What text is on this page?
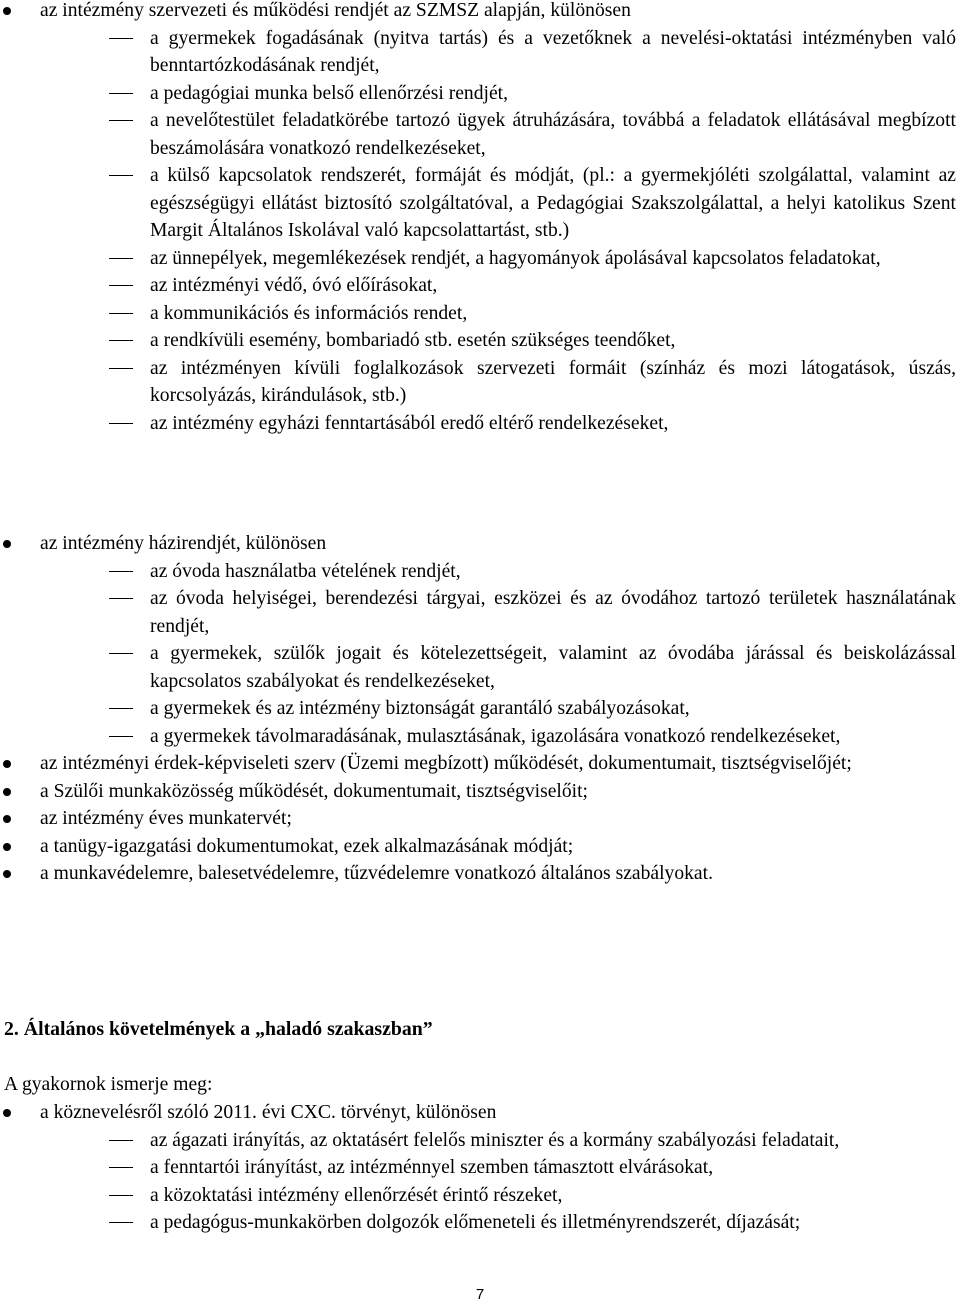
az intézmény szervezeti és működési rendjét az SZMSZ alapján, különösen
a gyermekek fogadásának (nyitva tartás) és a vezetőknek a nevelési-oktatási intézményben való benntartózkodásának rendjét,
a pedagógiai munka belső ellenőrzési rendjét,
a nevelőtestület feladatkörébe tartozó ügyek átruházására, továbbá a feladatok ellátásával megbízott beszámolására vonatkozó rendelkezéseket,
a külső kapcsolatok rendszerét, formáját és módját, (pl.: a gyermekjóléti szolgálattal, valamint az egészségügyi ellátást biztosító szolgáltatóval, a Pedagógiai Szakszolgálattal, a helyi katolikus Szent Margit Általános Iskolával való kapcsolattartást, stb.)
az ünnepélyek, megemlékezések rendjét, a hagyományok ápolásával kapcsolatos feladatokat,
az intézményi védő, óvó előírásokat,
a kommunikációs és információs rendet,
a rendkívüli esemény, bombariadó stb. esetén szükséges teendőket,
az intézményen kívüli foglalkozások szervezeti formáit (színház és mozi látogatások, úszás, korcsolyázás, kirándulások, stb.)
az intézmény egyházi fenntartásából eredő eltérő rendelkezéseket,
az intézmény házirendjét, különösen
az óvoda használatba vételének rendjét,
az óvoda helyiségei, berendezési tárgyai, eszközei és az óvodához tartozó területek használatának rendjét,
a gyermekek, szülők jogait és kötelezettségeit, valamint az óvodába járással és beiskolázással kapcsolatos szabályokat és rendelkezéseket,
a gyermekek és az intézmény biztonságát garantáló szabályozásokat,
a gyermekek távolmaradásának, mulasztásának, igazolására vonatkozó rendelkezéseket,
az intézményi érdek-képviseleti szerv (Üzemi megbízott) működését, dokumentumait, tisztségviselőjét;
a Szülői munkaközösség működését, dokumentumait, tisztségviselőit;
az intézmény éves munkatervét;
a tanügy-igazgatási dokumentumokat, ezek alkalmazásának módját;
a munkavédelemre, balesetvédelemre, tűzvédelemre vonatkozó általános szabályokat.
2. Általános követelmények a „haladó szakaszban”
A gyakornok ismerje meg:
a köznevelésről szóló 2011. évi CXC. törvényt, különösen
az ágazati irányítás, az oktatásért felelős miniszter és a kormány szabályozási feladatait,
a fenntartói irányítást, az intézménnyel szemben támasztott elvárásokat,
a közoktatási intézmény ellenőrzését érintő részeket,
a pedagógus-munkakörben dolgozók előmeneteli és illetményrendszerét, díjazását;
7
